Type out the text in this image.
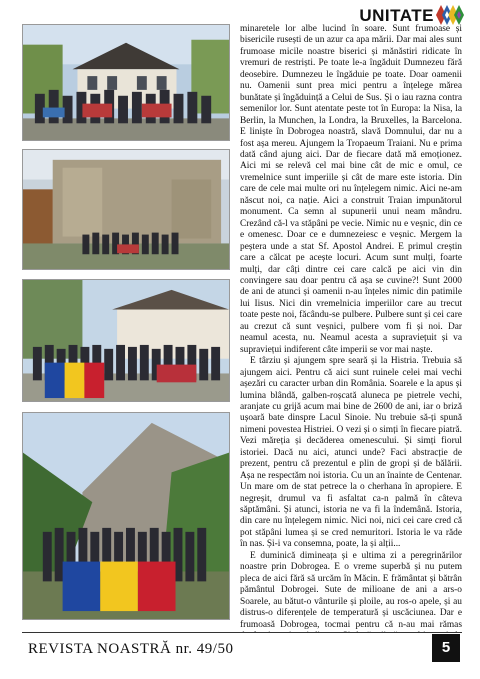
UNITATE

minaretele lor albe lucind în soare. Sunt frumoase și bisericile rusești de un azur ca apa mării. Dar mai ales sunt frumoase micile noastre biserici și mănăstiri ridicate în vremuri de restriști. Pe toate le-a îngăduit Dumnezeu fără deosebire. Dumnezeu le îngăduie pe toate. Doar oamenii nu. Oamenii sunt prea mici pentru a înțelege mărea bunătate și îngăduință a Celui de Sus. Și o iau razna contra semenilor lor. Sunt atentate peste tot în Europa: la Nisa, la Berlin, la Munchen, la Londra, la Bruxelles, la Barcelona. E liniște în Dobrogea noastră, slavă Domnului, dar nu a fost așa mereu. Ajungem la Tropaeum Traiani. Nu e prima dată când ajung aici. Dar de fiecare dată mă emoționez. Aici mi se relevă cel mai bine cât de mic e omul, ce vremelnice sunt imperiile și cât de mare este istoria. Din care de cele mai multe ori nu înțelegem nimic. Aici ne-am născut noi, ca nație. Aici a construit Traian impunătorul monument. Ca semn al supunerii unui neam mândru. Crezând că-l va stăpâni pe vecie. Nimic nu e veșnic, din ce e omenesc. Doar ce e dumnezeiesc e veșnic. Mergem la peștera unde a stat Sf. Apostol Andrei. E primul creștin care a călcat pe acește locuri. Acum sunt mulți, foarte mulți, dar câți dintre cei care calcă pe aici vin din convingere sau doar pentru că așa se cuvine?! Sunt 2000 de ani de atunci și oamenii n-au înțeles nimic din patimile lui Iisus. Nici din vremelnicia imperiilor care au trecut toate peste noi, făcându-se pulbere. Pulbere sunt și cei care au crezut că sunt veșnici, pulbere vom fi și noi. Dar neamul acesta, nu. Neamul acesta a supraviețuit și va supraviețui indiferent câte imperii se vor mai naște.

E târziu și ajungem spre seară și la Histria. Trebuia să ajungem aici. Pentru că aici sunt ruinele celei mai vechi așezări cu caracter urban din România. Soarele e la apus și lumina blândă, galben-roșcată aluneca pe pietrele vechi, aranjate cu grijă acum mai bine de 2600 de ani, iar o briză ușoară bate dinspre Lacul Sinoie. Nu trebuie să-ți spună nimeni povestea Histriei. O vezi și o simți în fiecare piatră. Vezi măreția și decăderea omenescului. Și simți fiorul istoriei. Dacă nu aici, atunci unde? Faci abstracție de prezent, pentru că prezentul e plin de gropi și de bălării. Așa ne respectăm noi istoria. Cu un an înainte de Centenar. Un mare om de stat petrece la o cherhana în apropiere. E negreșit, drumul va fi asfaltat ca-n palmă în câteva săptămâni. Și atunci, istoria ne va fi la îndemână. Istoria, din care nu înțelegem nimic. Nici noi, nici cei care cred că pot stăpâni lumea și se cred nemuritori. Istoria le va răde în nas. Și-i va consemna, poate, la și alții...

E duminică dimineața și e ultima zi a peregrinărilor noastre prin Dobrogea. E o vreme superbă și nu putem pleca de aici fără să urcăm în Măcin. E frământat și bătrân pământul Dobrogei. Sute de milioane de ani a ars-o Soarele, au bătut-o vânturile și ploile, au ros-o apele, și au distrus-o diferențele de temperatură și uscăciunea. Dar e frumoasă Dobrogea, tocmai pentru că n-au mai rămas

REVISTA NOASTRĂ nr. 49/50	5
